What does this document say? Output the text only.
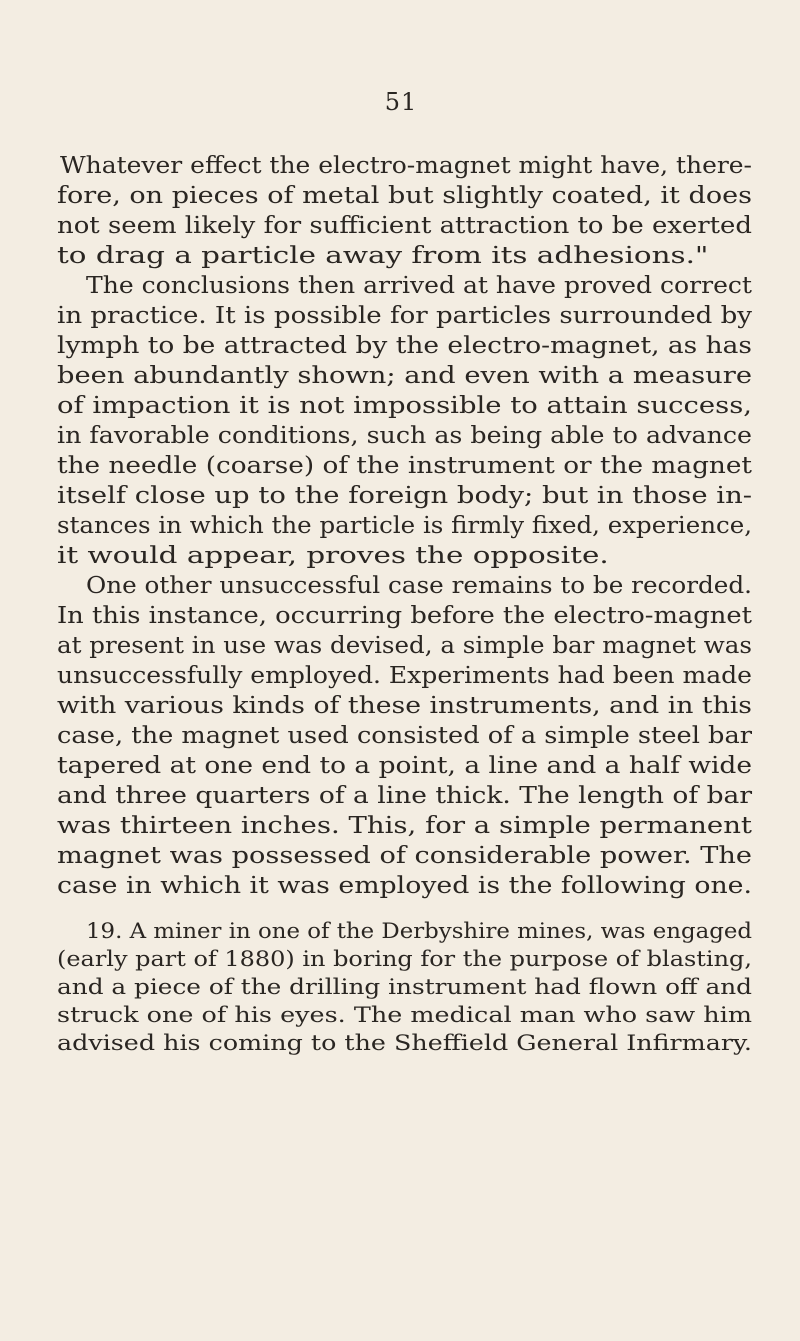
51
Whatever effect the electro-magnet might have, there-
fore, on pieces of metal but slightly coated, it does
not seem likely for sufficient attraction to be exerted
to drag a particle away from its adhesions."
The conclusions then arrived at have proved correct
in practice. It is possible for particles surrounded by
lymph to be attracted by the electro-magnet, as has
been abundantly shown; and even with a measure
of impaction it is not impossible to attain success,
in favorable conditions, such as being able to advance
the needle (coarse) of the instrument or the magnet
itself close up to the foreign body; but in those in-
stances in which the particle is firmly fixed, experience,
it would appear, proves the opposite.
One other unsuccessful case remains to be recorded.
In this instance, occurring before the electro-magnet
at present in use was devised, a simple bar magnet was
unsuccessfully employed. Experiments had been made
with various kinds of these instruments, and in this
case, the magnet used consisted of a simple steel bar
tapered at one end to a point, a line and a half wide
and three quarters of a line thick. The length of bar
was thirteen inches. This, for a simple permanent
magnet was possessed of considerable power. The
case in which it was employed is the following one.
19. A miner in one of the Derbyshire mines, was engaged
(early part of 1880) in boring for the purpose of blasting,
and a piece of the drilling instrument had flown off and
struck one of his eyes. The medical man who saw him
advised his coming to the Sheffield General Infirmary.
